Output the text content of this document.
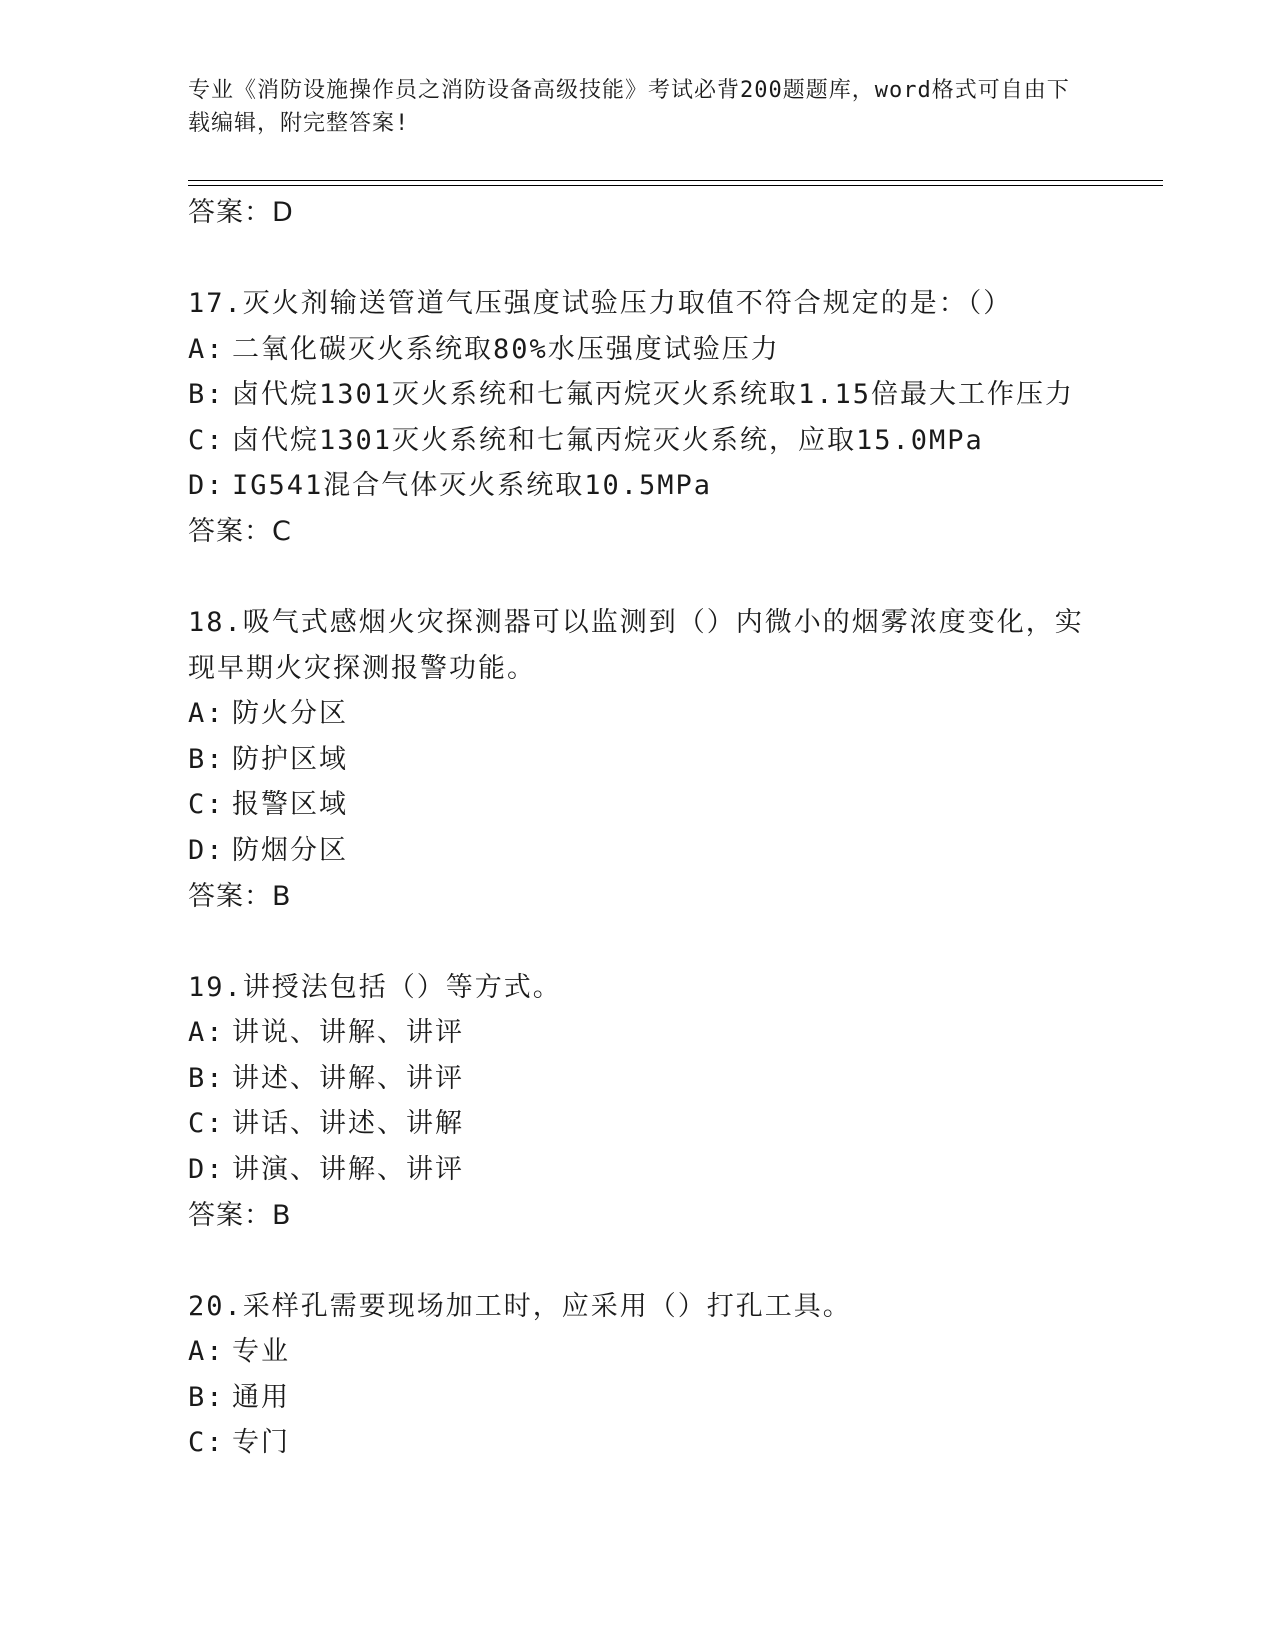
专业《消防设施操作员之消防设备高级技能》考试必背200题题库，word格式可自由下载编辑，附完整答案!
答案：D
17.灭火剂输送管道气压强度试验压力取值不符合规定的是：（）
A: 二氧化碳灭火系统取80%水压强度试验压力
B: 卤代烷1301灭火系统和七氟丙烷灭火系统取1.15倍最大工作压力
C: 卤代烷1301灭火系统和七氟丙烷灭火系统，应取15.0MPa
D: IG541混合气体灭火系统取10.5MPa
答案：C
18.吸气式感烟火灾探测器可以监测到（）内微小的烟雾浓度变化，实现早期火灾探测报警功能。
A: 防火分区
B: 防护区域
C: 报警区域
D: 防烟分区
答案：B
19.讲授法包括（）等方式。
A: 讲说、讲解、讲评
B: 讲述、讲解、讲评
C: 讲话、讲述、讲解
D: 讲演、讲解、讲评
答案：B
20.采样孔需要现场加工时，应采用（）打孔工具。
A: 专业
B: 通用
C: 专门
